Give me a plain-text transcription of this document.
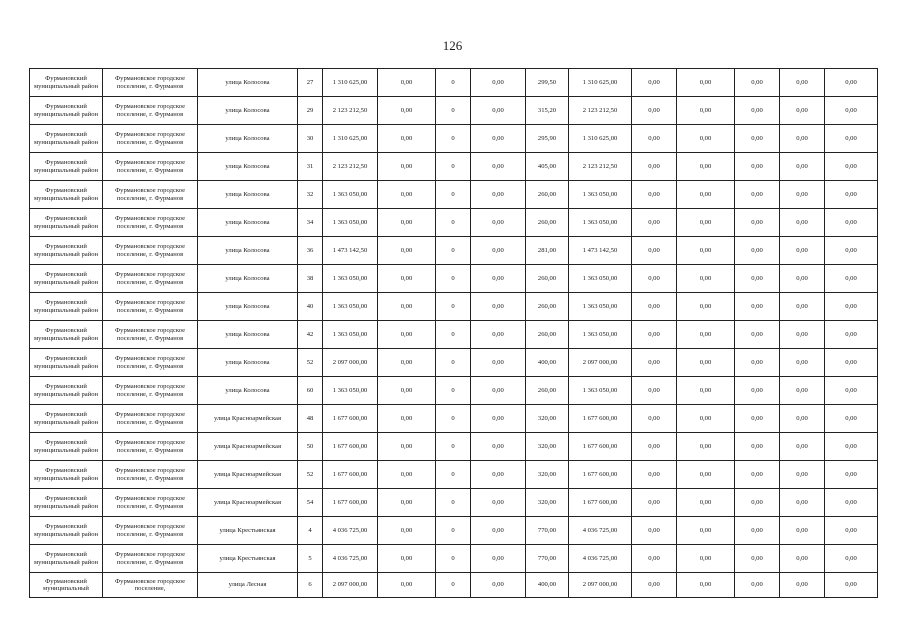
126
Фурмановский муниципальный район	Фурмановское городское поселение, г. Фурманов	улица Колосова	27	1 310 625,00	0,00	0	0,00	299,50	1 310 625,00	0,00	0,00	0,00	0,00	0,00
Фурмановский муниципальный район	Фурмановское городское поселение, г. Фурманов	улица Колосова	29	2 123 212,50	0,00	0	0,00	315,20	2 123 212,50	0,00	0,00	0,00	0,00	0,00
Фурмановский муниципальный район	Фурмановское городское поселение, г. Фурманов	улица Колосова	30	1 310 625,00	0,00	0	0,00	295,90	1 310 625,00	0,00	0,00	0,00	0,00	0,00
Фурмановский муниципальный район	Фурмановское городское поселение, г. Фурманов	улица Колосова	31	2 123 212,50	0,00	0	0,00	405,00	2 123 212,50	0,00	0,00	0,00	0,00	0,00
Фурмановский муниципальный район	Фурмановское городское поселение, г. Фурманов	улица Колосова	32	1 363 050,00	0,00	0	0,00	260,00	1 363 050,00	0,00	0,00	0,00	0,00	0,00
Фурмановский муниципальный район	Фурмановское городское поселение, г. Фурманов	улица Колосова	34	1 363 050,00	0,00	0	0,00	260,00	1 363 050,00	0,00	0,00	0,00	0,00	0,00
Фурмановский муниципальный район	Фурмановское городское поселение, г. Фурманов	улица Колосова	36	1 473 142,50	0,00	0	0,00	281,00	1 473 142,50	0,00	0,00	0,00	0,00	0,00
Фурмановский муниципальный район	Фурмановское городское поселение, г. Фурманов	улица Колосова	38	1 363 050,00	0,00	0	0,00	260,00	1 363 050,00	0,00	0,00	0,00	0,00	0,00
Фурмановский муниципальный район	Фурмановское городское поселение, г. Фурманов	улица Колосова	40	1 363 050,00	0,00	0	0,00	260,00	1 363 050,00	0,00	0,00	0,00	0,00	0,00
Фурмановский муниципальный район	Фурмановское городское поселение, г. Фурманов	улица Колосова	42	1 363 050,00	0,00	0	0,00	260,00	1 363 050,00	0,00	0,00	0,00	0,00	0,00
Фурмановский муниципальный район	Фурмановское городское поселение, г. Фурманов	улица Колосова	52	2 097 000,00	0,00	0	0,00	400,00	2 097 000,00	0,00	0,00	0,00	0,00	0,00
Фурмановский муниципальный район	Фурмановское городское поселение, г. Фурманов	улица Колосова	60	1 363 050,00	0,00	0	0,00	260,00	1 363 050,00	0,00	0,00	0,00	0,00	0,00
Фурмановский муниципальный район	Фурмановское городское поселение, г. Фурманов	улица Красноармейская	48	1 677 600,00	0,00	0	0,00	320,00	1 677 600,00	0,00	0,00	0,00	0,00	0,00
Фурмановский муниципальный район	Фурмановское городское поселение, г. Фурманов	улица Красноармейская	50	1 677 600,00	0,00	0	0,00	320,00	1 677 600,00	0,00	0,00	0,00	0,00	0,00
Фурмановский муниципальный район	Фурмановское городское поселение, г. Фурманов	улица Красноармейская	52	1 677 600,00	0,00	0	0,00	320,00	1 677 600,00	0,00	0,00	0,00	0,00	0,00
Фурмановский муниципальный район	Фурмановское городское поселение, г. Фурманов	улица Красноармейская	54	1 677 600,00	0,00	0	0,00	320,00	1 677 600,00	0,00	0,00	0,00	0,00	0,00
Фурмановский муниципальный район	Фурмановское городское поселение, г. Фурманов	улица Крестьянская	4	4 036 725,00	0,00	0	0,00	770,00	4 036 725,00	0,00	0,00	0,00	0,00	0,00
Фурмановский муниципальный район	Фурмановское городское поселение, г. Фурманов	улица Крестьянская	5	4 036 725,00	0,00	0	0,00	770,00	4 036 725,00	0,00	0,00	0,00	0,00	0,00
Фурмановский муниципальный	Фурмановское городское поселение,	улица Лесная	6	2 097 000,00	0,00	0	0,00	400,00	2 097 000,00	0,00	0,00	0,00	0,00	0,00
